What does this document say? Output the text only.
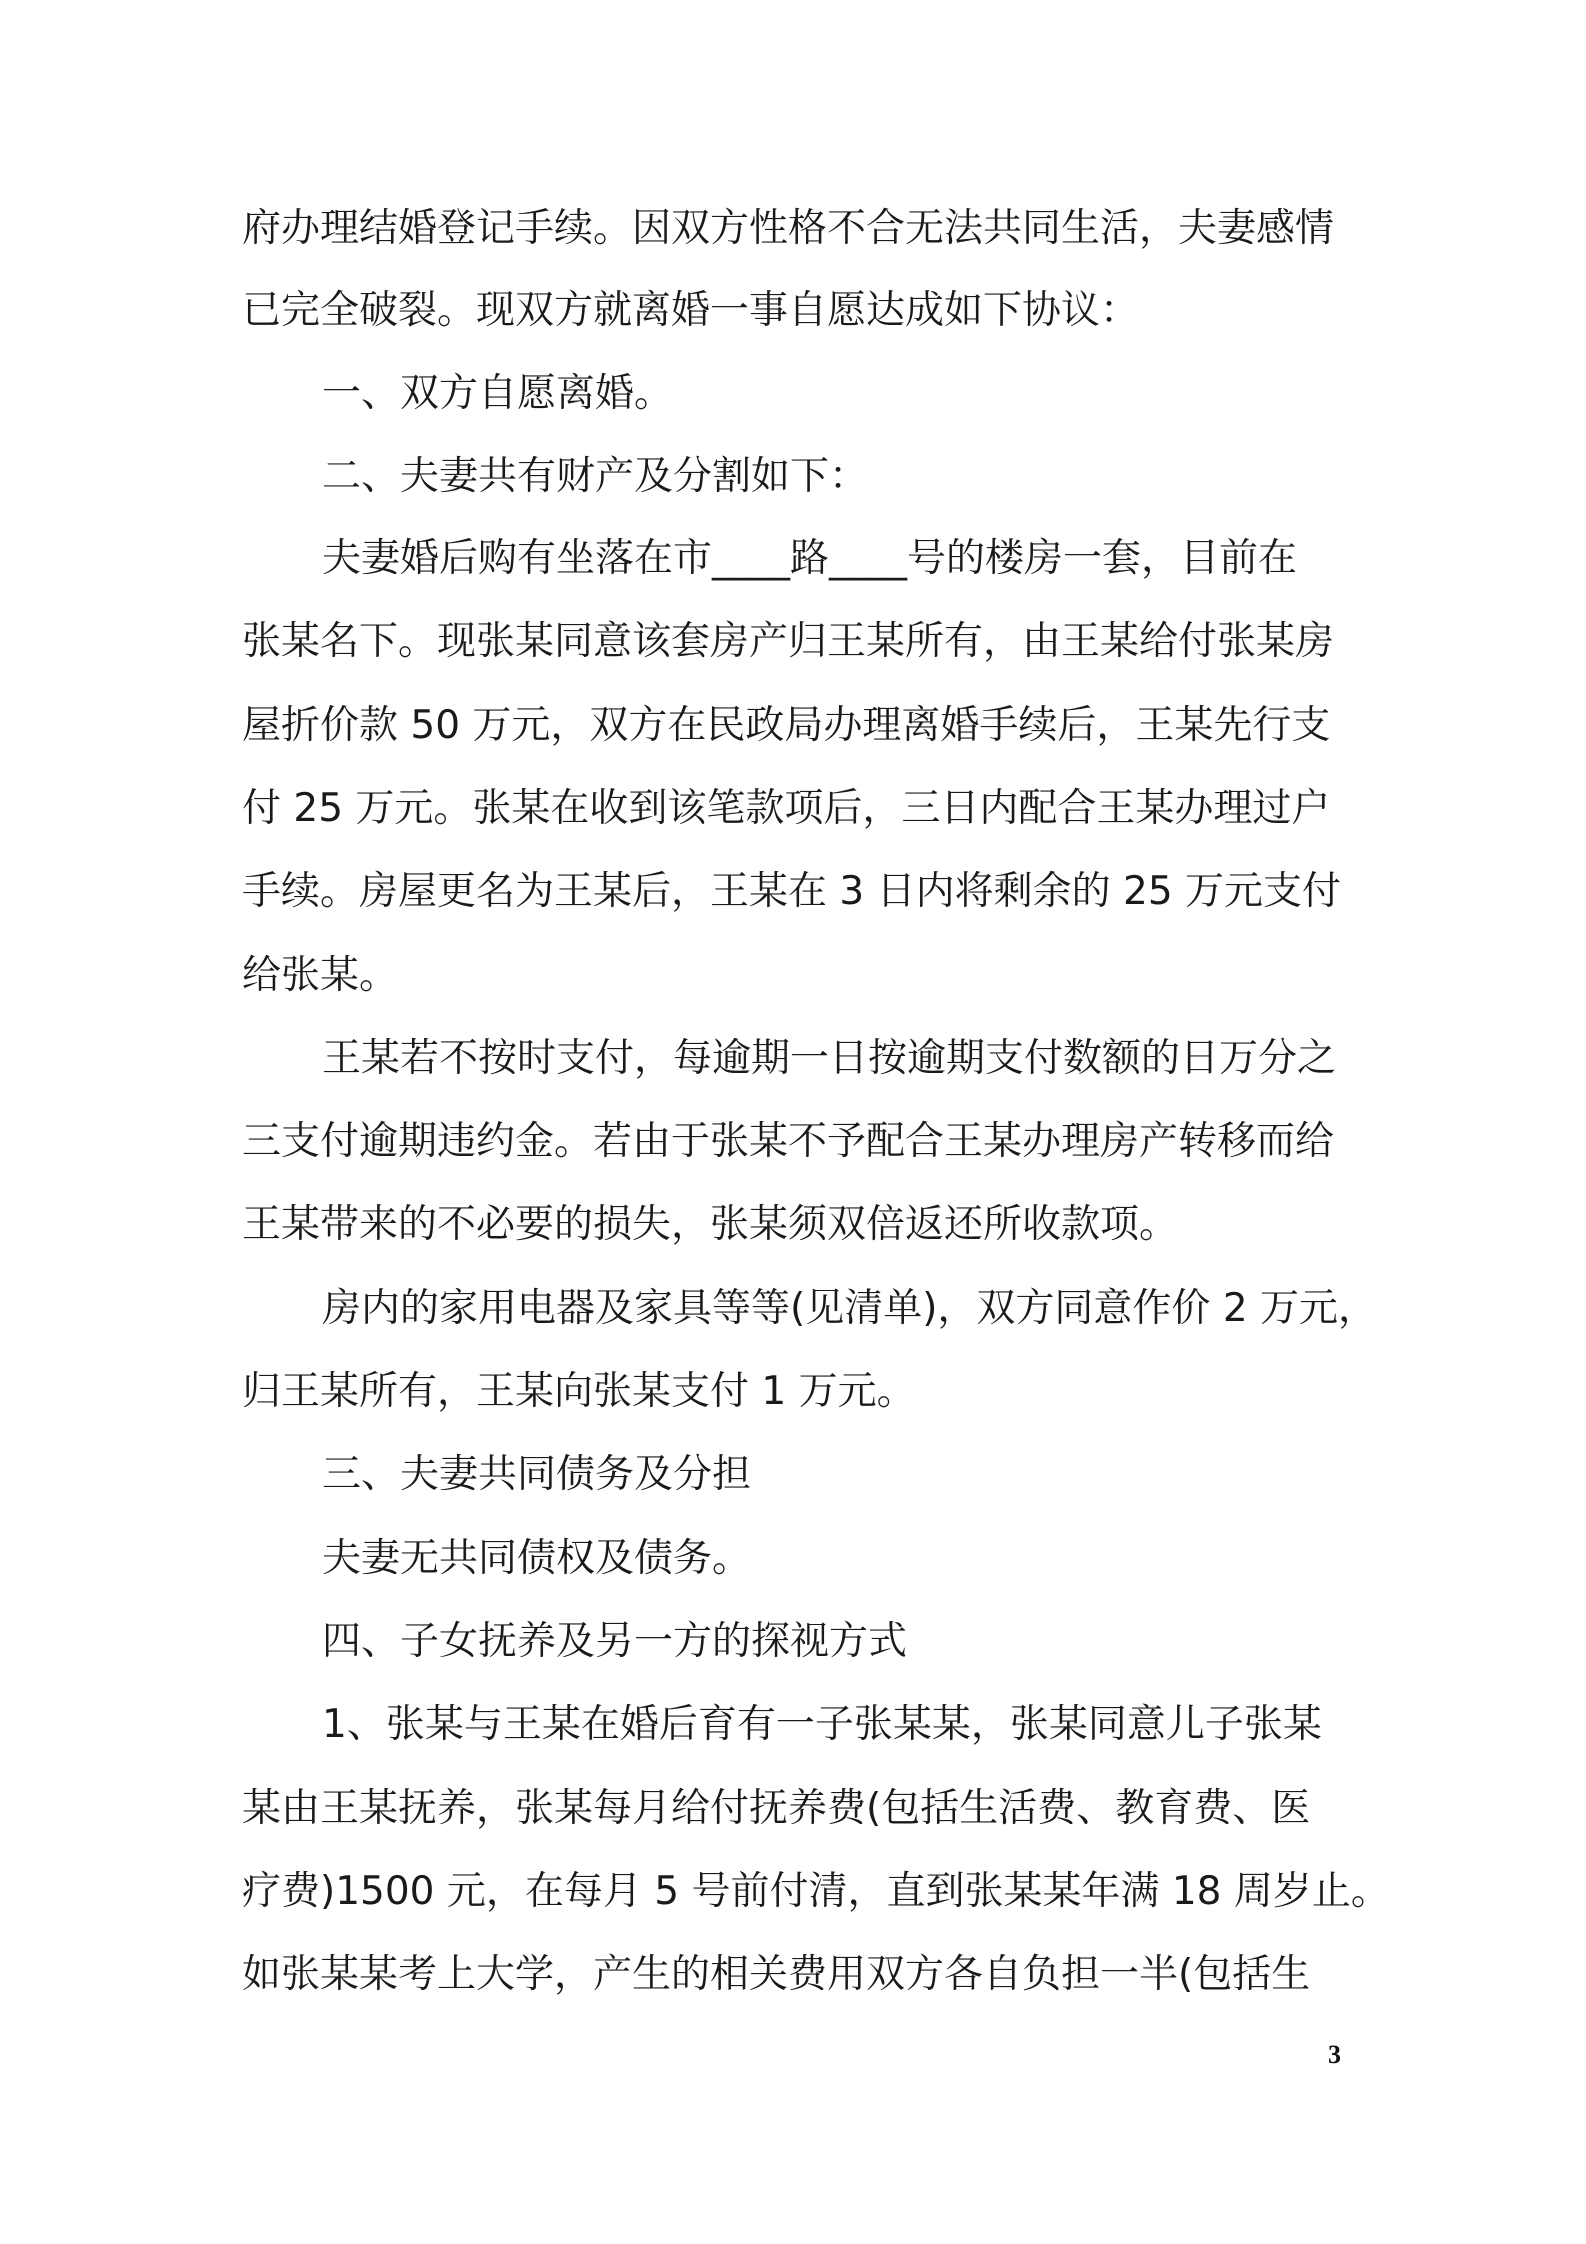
府办理结婚登记手续。因双方性格不合无法共同生活，夫妻感情
已完全破裂。现双方就离婚一事自愿达成如下协议：
一、双方自愿离婚。
二、夫妻共有财产及分割如下：
夫妻婚后购有坐落在市____路____号的楼房一套，目前在
张某名下。现张某同意该套房产归王某所有，由王某给付张某房
屋折价款 50 万元，双方在民政局办理离婚手续后，王某先行支
付 25 万元。张某在收到该笔款项后，三日内配合王某办理过户
手续。房屋更名为王某后，王某在 3 日内将剩余的 25 万元支付
给张某。
王某若不按时支付，每逾期一日按逾期支付数额的日万分之
三支付逾期违约金。若由于张某不予配合王某办理房产转移而给
王某带来的不必要的损失，张某须双倍返还所收款项。
房内的家用电器及家具等等(见清单)，双方同意作价 2 万元，
归王某所有，王某向张某支付 1 万元。
三、夫妻共同债务及分担
夫妻无共同债权及债务。
四、子女抚养及另一方的探视方式
1、张某与王某在婚后育有一子张某某，张某同意儿子张某
某由王某抚养，张某每月给付抚养费(包括生活费、教育费、医
疗费)1500 元，在每月 5 号前付清，直到张某某年满 18 周岁止。
如张某某考上大学，产生的相关费用双方各自负担一半(包括生
3
